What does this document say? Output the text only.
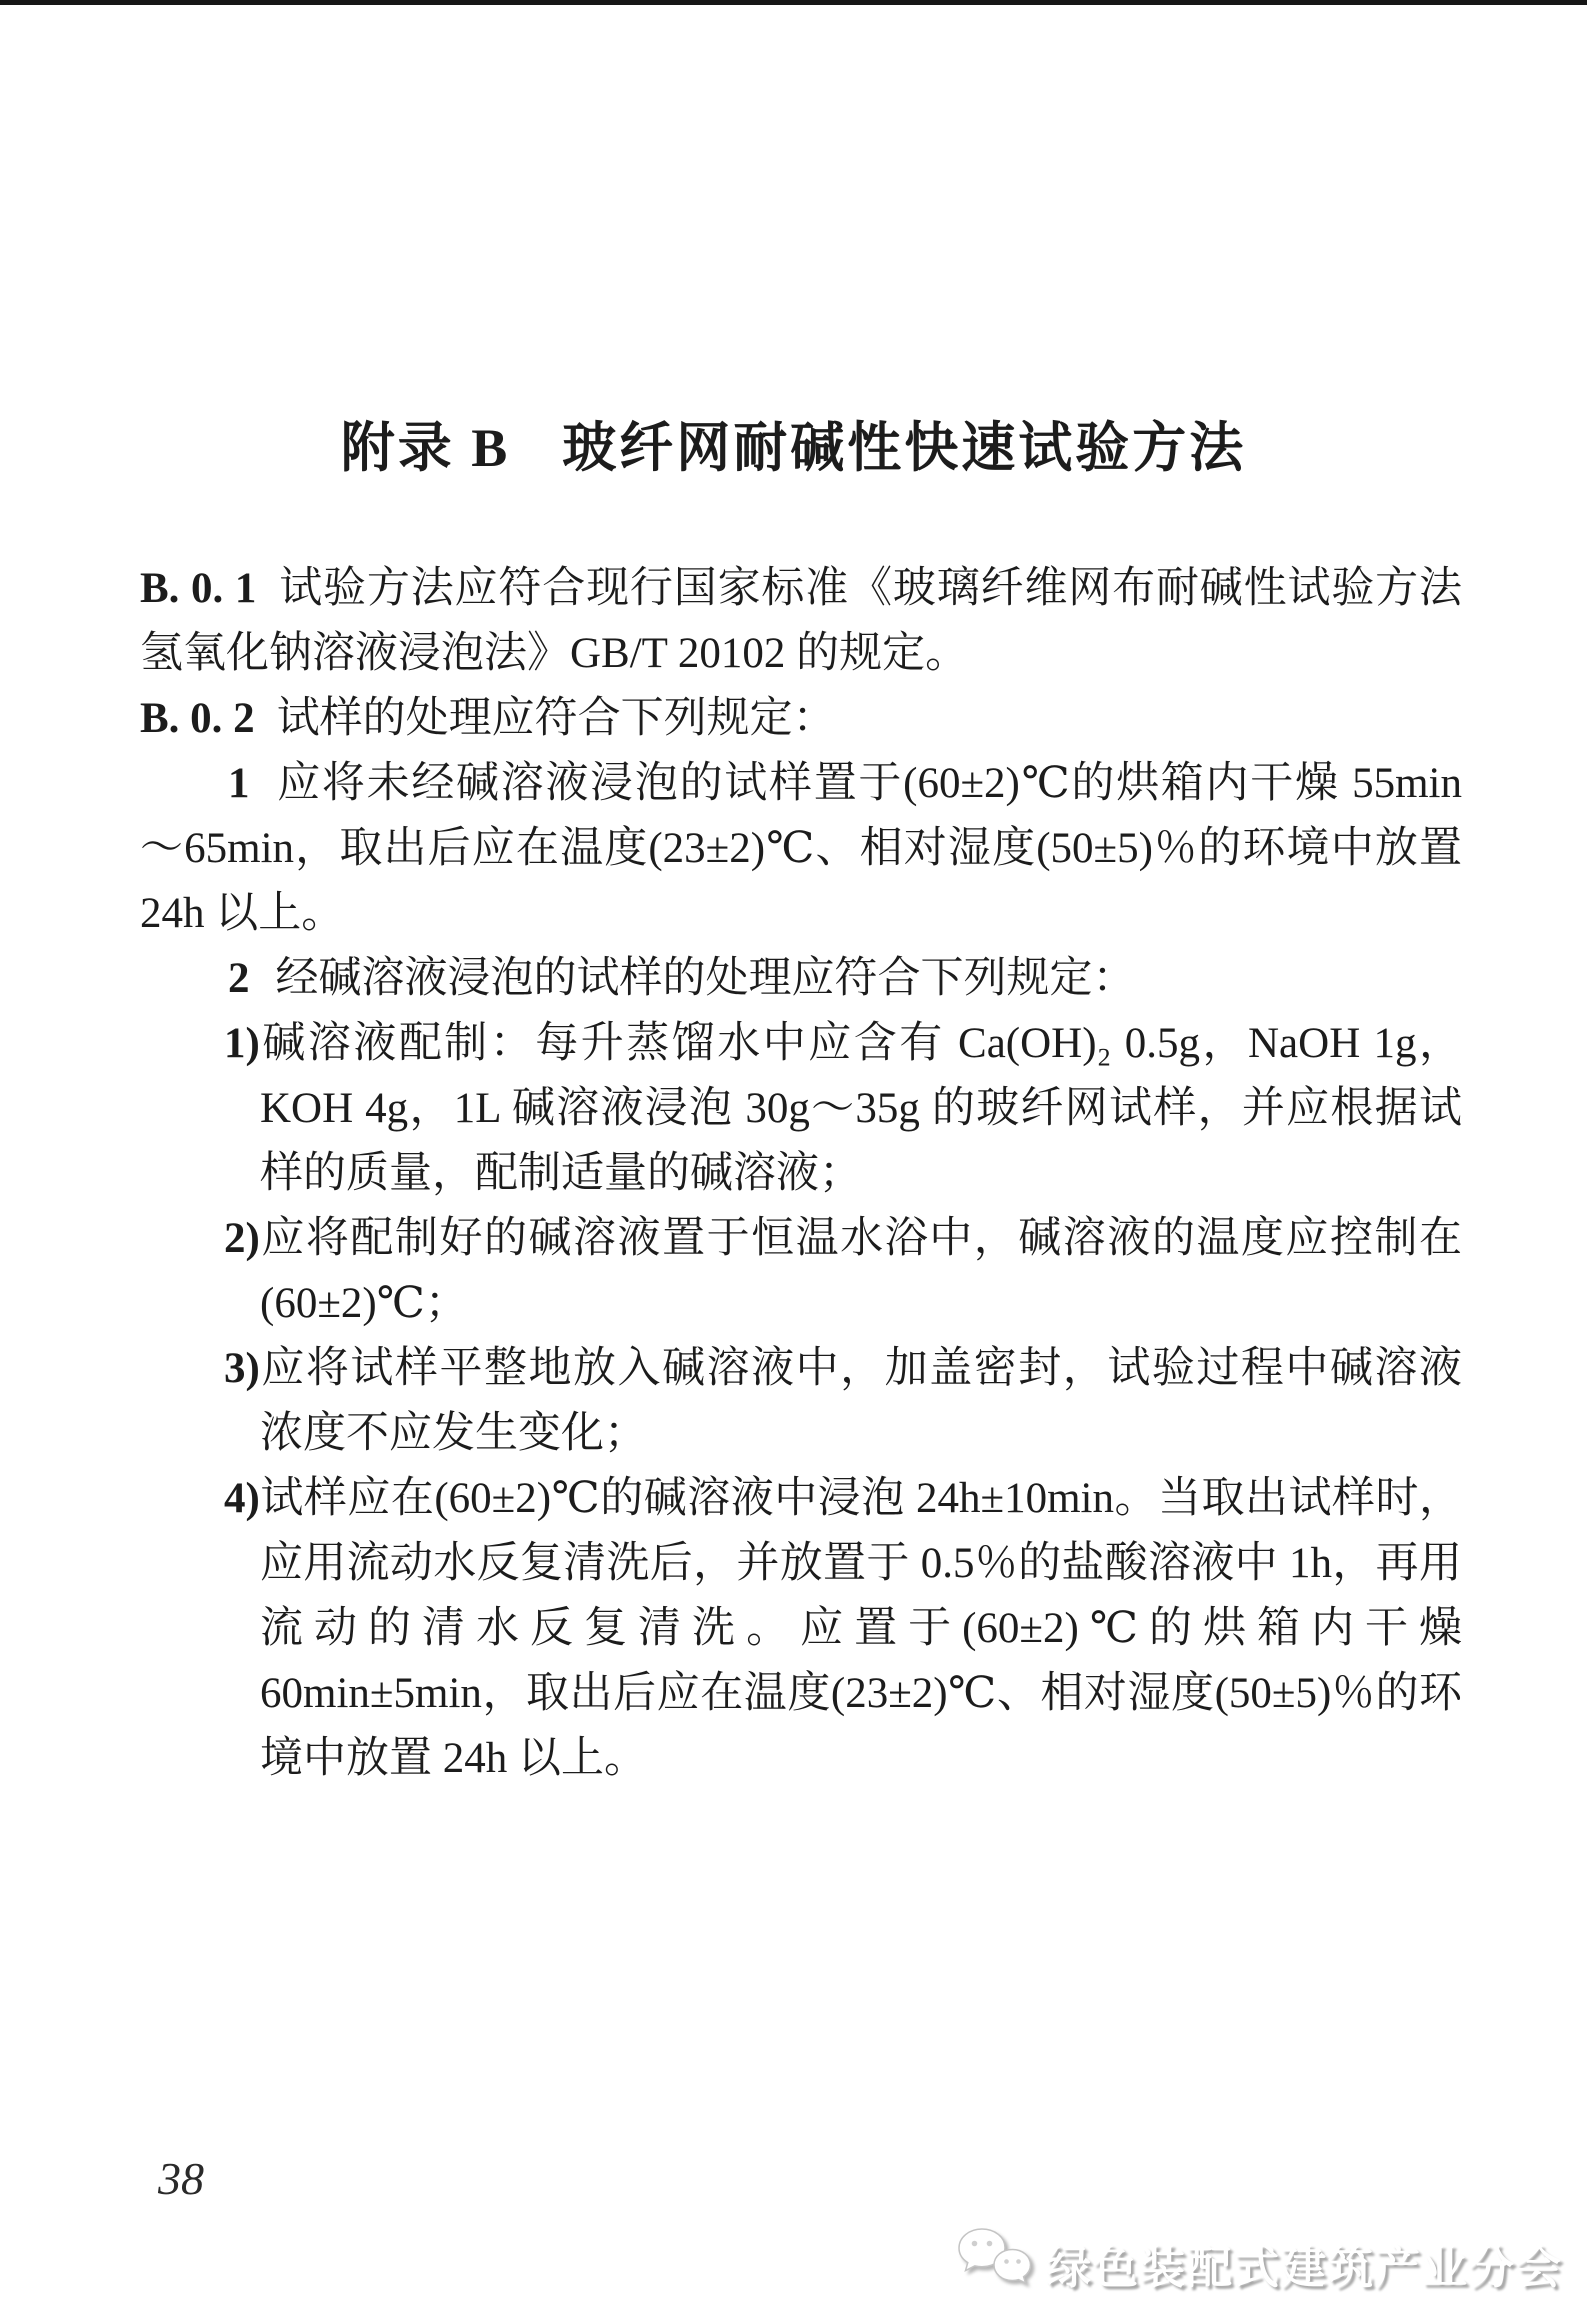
附录 B 玻纤网耐碱性快速试验方法

B. 0. 1 试验方法应符合现行国家标准《玻璃纤维网布耐碱性试验方法　氢氧化钠溶液浸泡法》GB/T 20102 的规定。

B. 0. 2 试样的处理应符合下列规定：

1 应将未经碱溶液浸泡的试样置于(60±2)℃的烘箱内干燥 55min～65min，取出后应在温度(23±2)℃、相对湿度(50±5)％的环境中放置 24h 以上。

2 经碱溶液浸泡的试样的处理应符合下列规定：

1)碱溶液配制：每升蒸馏水中应含有 Ca(OH)₂ 0.5g，NaOH 1g，KOH 4g，1L 碱溶液浸泡 30g～35g 的玻纤网试样，并应根据试样的质量，配制适量的碱溶液；
2)应将配制好的碱溶液置于恒温水浴中，碱溶液的温度应控制在(60±2)℃；
3)应将试样平整地放入碱溶液中，加盖密封，试验过程中碱溶液浓度不应发生变化；
4)试样应在(60±2)℃的碱溶液中浸泡 24h±10min。当取出试样时，应用流动水反复清洗后，并放置于 0.5％的盐酸溶液中 1h，再用流动的清水反复清洗。应置于(60±2)℃的烘箱内干燥 60min±5min，取出后应在温度(23±2)℃、相对湿度(50±5)％的环境中放置 24h 以上。
38
绿色装配式建筑产业分会
